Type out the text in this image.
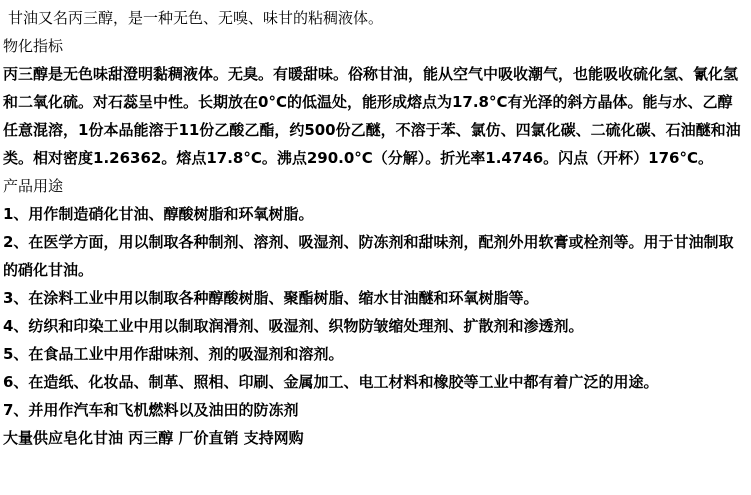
甘油又名丙三醇，是一种无色、无嗅、味甘的粘稠液体。

物化指标

丙三醇是无色味甜澄明黏稠液体。无臭。有暖甜味。俗称甘油，能从空气中吸收潮气，也能吸收硫化氢、氰化氢和二氧化硫。对石蕊呈中性。长期放在0°C的低温处，能形成熔点为17.8°C有光泽的斜方晶体。能与水、乙醇任意混溶，1份本品能溶于11份乙酸乙酯，约500份乙醚，不溶于苯、氯仿、四氯化碳、二硫化碳、石油醚和油类。相对密度1.26362。熔点17.8°C。沸点290.0°C（分解）。折光率1.4746。闪点（开杯）176°C。

产品用途

1、用作制造硝化甘油、醇酸树脂和环氧树脂。

2、在医学方面，用以制取各种制剂、溶剂、吸湿剂、防冻剂和甜味剂，配剂外用软膏或栓剂等。用于甘油制取的硝化甘油。

3、在涂料工业中用以制取各种醇酸树脂、聚酯树脂、缩水甘油醚和环氧树脂等。

4、纺织和印染工业中用以制取润滑剂、吸湿剂、织物防皱缩处理剂、扩散剂和渗透剂。

5、在食品工业中用作甜味剂、剂的吸湿剂和溶剂。

6、在造纸、化妆品、制革、照相、印刷、金属加工、电工材料和橡胶等工业中都有着广泛的用途。

7、并用作汽车和飞机燃料以及油田的防冻剂

大量供应皂化甘油 丙三醇 厂价直销 支持网购
